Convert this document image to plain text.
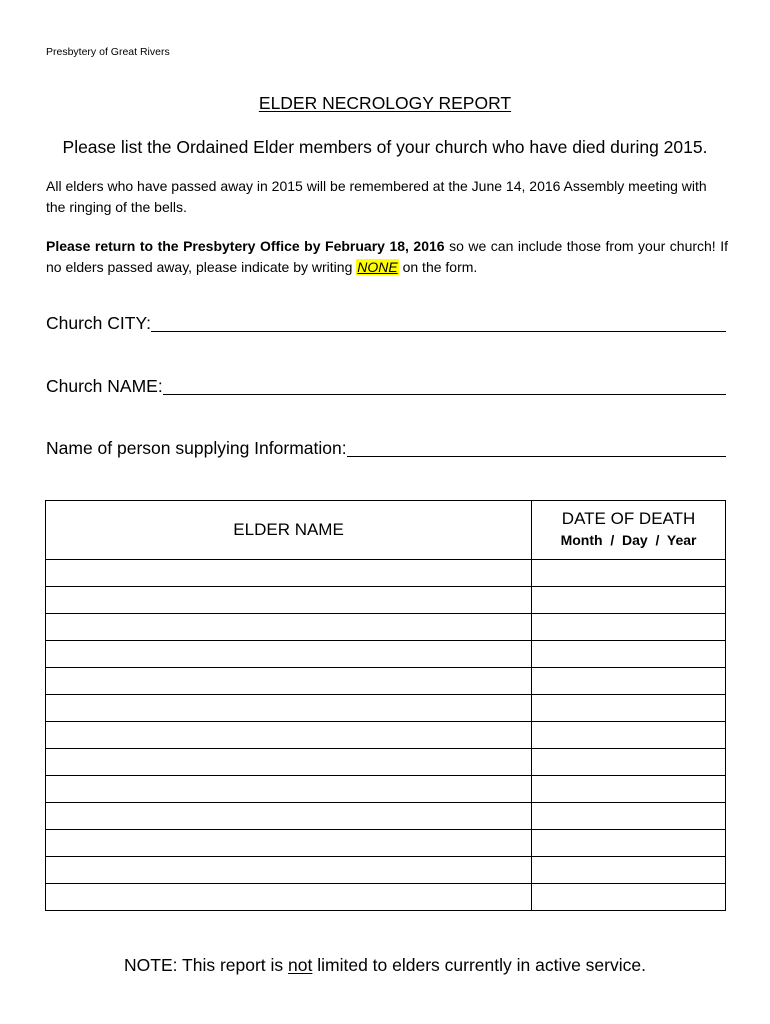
Presbytery of Great Rivers
ELDER NECROLOGY REPORT
Please list the Ordained Elder members of your church who have died during 2015.
All elders who have passed away in 2015 will be remembered at the June 14, 2016 Assembly meeting with the ringing of the bells.
Please return to the Presbytery Office by February 18, 2016 so we can include those from your church! If no elders passed away, please indicate by writing NONE on the form.
Church CITY:
Church NAME:
Name of person supplying Information:
ELDER NAME	DATE OF DEATH
Month  /  Day  /  Year

NOTE: This report is not limited to elders currently in active service.
